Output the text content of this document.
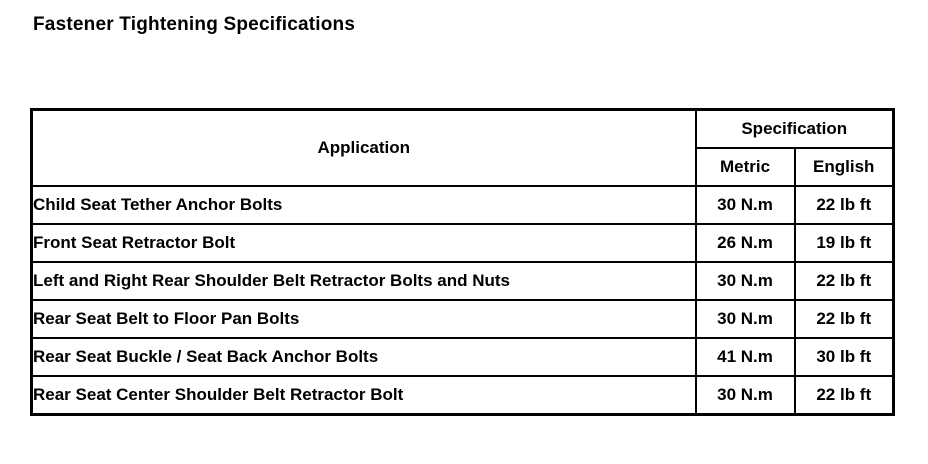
Fastener Tightening Specifications
Application	Specification	
	Metric	English
Child Seat Tether Anchor Bolts	30 N.m	22 lb ft
Front Seat Retractor Bolt	26 N.m	19 lb ft
Left and Right Rear Shoulder Belt Retractor Bolts and Nuts	30 N.m	22 lb ft
Rear Seat Belt to Floor Pan Bolts	30 N.m	22 lb ft
Rear Seat Buckle / Seat Back Anchor Bolts	41 N.m	30 lb ft
Rear Seat Center Shoulder Belt Retractor Bolt	30 N.m	22 lb ft
